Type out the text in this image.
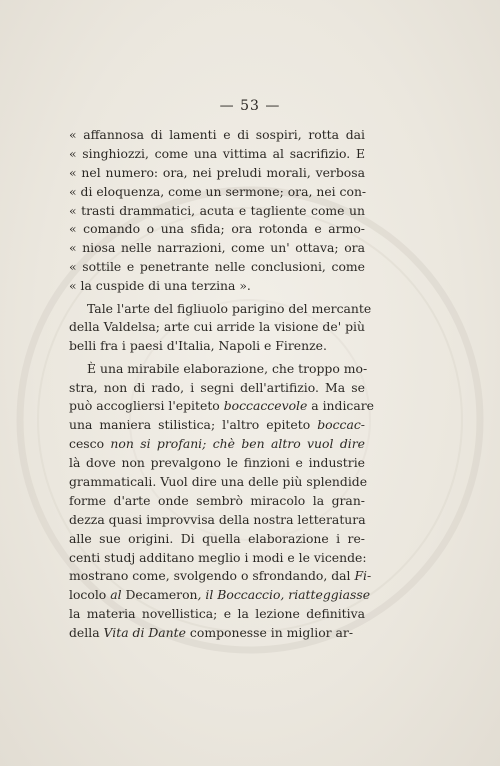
— 53 —
« affannosa di lamenti e di sospiri, rotta dai
« singhiozzi, come una vittima al sacrifizio. E
« nel numero: ora, nei preludi morali, verbosa
« di eloquenza, come un sermone; ora, nei con-
« trasti drammatici, acuta e tagliente come un
« comando o una sfida; ora rotonda e armo-
« niosa nelle narrazioni, come un' ottava; ora
« sottile e penetrante nelle conclusioni, come
« la cuspide di una terzina ».
Tale l'arte del figliuolo parigino del mercante
della Valdelsa; arte cui arride la visione de' più
belli fra i paesi d'Italia, Napoli e Firenze.
È una mirabile elaborazione, che troppo mo-
stra, non di rado, i segni dell'artifizio. Ma se
può accogliersi l'epiteto boccaccevole a indicare
una maniera stilistica; l'altro epiteto boccac-
cesco non si profani; chè ben altro vuol dire
là dove non prevalgono le finzioni e industrie
grammaticali. Vuol dire una delle più splendide
forme d'arte onde sembrò miracolo la gran-
dezza quasi improvvisa della nostra letteratura
alle sue origini. Di quella elaborazione i re-
centi studj additano meglio i modi e le vicende:
mostrano come, svolgendo o sfrondando, dal Fi-
locolo al Decameron, il Boccaccio, riatteggiasse
la materia novellistica; e la lezione definitiva
della Vita di Dante componesse in miglior ar-
